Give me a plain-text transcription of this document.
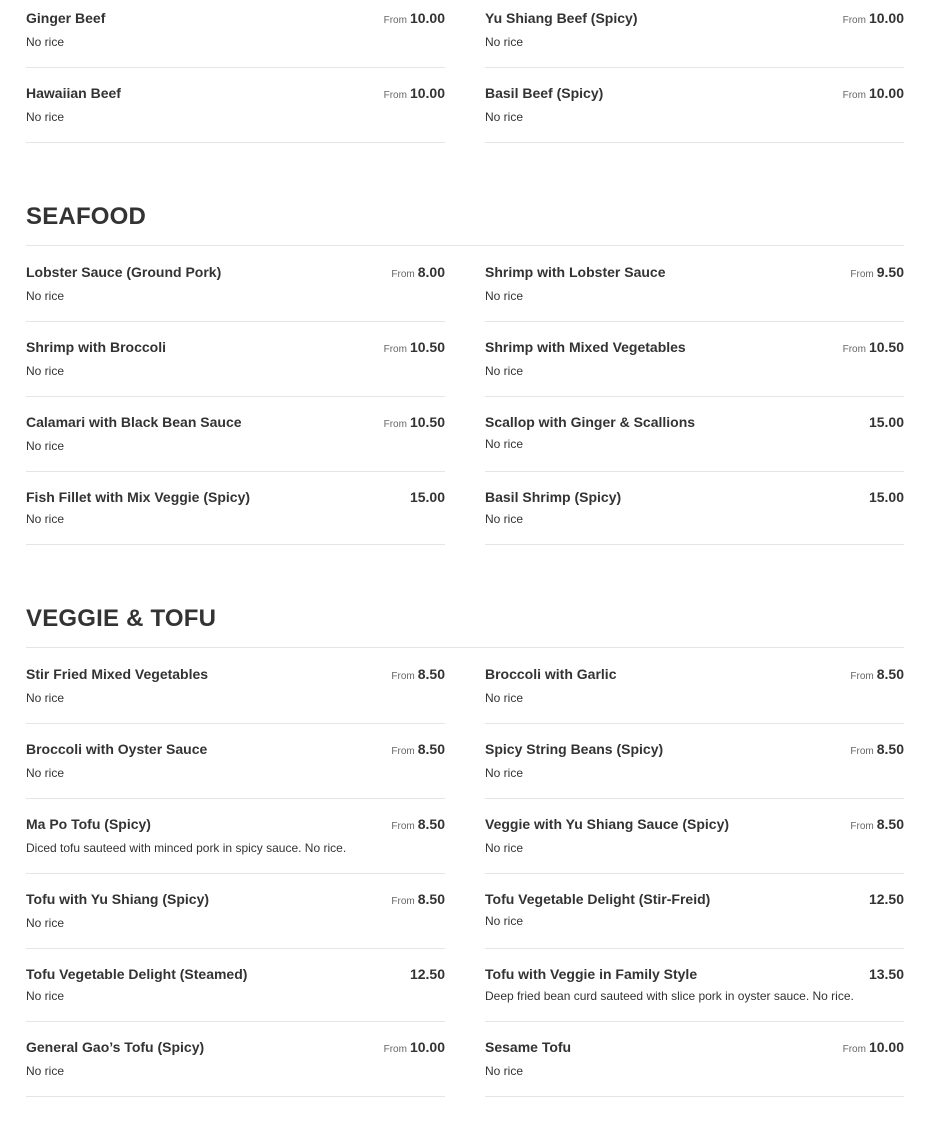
Ginger Beef	From 10.00
No rice
Yu Shiang Beef (Spicy)	From 10.00
No rice
Hawaiian Beef	From 10.00
No rice
Basil Beef (Spicy)	From 10.00
No rice
SEAFOOD
Lobster Sauce (Ground Pork)	From 8.00
No rice
Shrimp with Lobster Sauce	From 9.50
No rice
Shrimp with Broccoli	From 10.50
No rice
Shrimp with Mixed Vegetables	From 10.50
No rice
Calamari with Black Bean Sauce	From 10.50
No rice
Scallop with Ginger & Scallions	15.00
No rice
Fish Fillet with Mix Veggie (Spicy)	15.00
No rice
Basil Shrimp (Spicy)	15.00
No rice
VEGGIE & TOFU
Stir Fried Mixed Vegetables	From 8.50
No rice
Broccoli with Garlic	From 8.50
No rice
Broccoli with Oyster Sauce	From 8.50
No rice
Spicy String Beans (Spicy)	From 8.50
No rice
Ma Po Tofu (Spicy)	From 8.50
Diced tofu sauteed with minced pork in spicy sauce. No rice.
Veggie with Yu Shiang Sauce (Spicy)	From 8.50
No rice
Tofu with Yu Shiang (Spicy)	From 8.50
No rice
Tofu Vegetable Delight (Stir-Freid)	12.50
No rice
Tofu Vegetable Delight (Steamed)	12.50
No rice
Tofu with Veggie in Family Style	13.50
Deep fried bean curd sauteed with slice pork in oyster sauce. No rice.
General Gao’s Tofu (Spicy)	From 10.00
No rice
Sesame Tofu	From 10.00
No rice
